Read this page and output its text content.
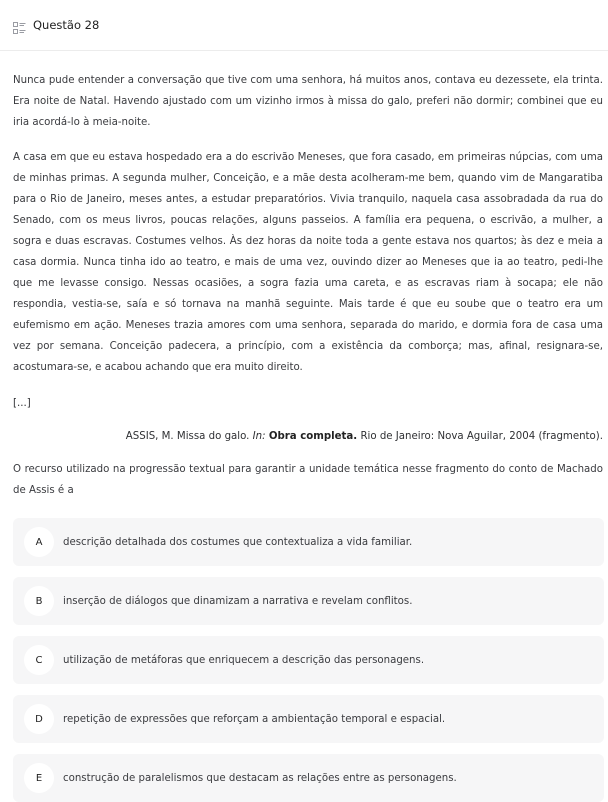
Questão 28

Nunca pude entender a conversação que tive com uma senhora, há muitos anos, contava eu dezessete, ela trinta. Era noite de Natal. Havendo ajustado com um vizinho irmos à missa do galo, preferi não dormir; combinei que eu iria acordá-lo à meia-noite.

A casa em que eu estava hospedado era a do escrivão Meneses, que fora casado, em primeiras núpcias, com uma de minhas primas. A segunda mulher, Conceição, e a mãe desta acolheram-me bem, quando vim de Mangaratiba para o Rio de Janeiro, meses antes, a estudar preparatórios. Vivia tranquilo, naquela casa assobradada da rua do Senado, com os meus livros, poucas relações, alguns passeios. A família era pequena, o escrivão, a mulher, a sogra e duas escravas. Costumes velhos. Às dez horas da noite toda a gente estava nos quartos; às dez e meia a casa dormia. Nunca tinha ido ao teatro, e mais de uma vez, ouvindo dizer ao Meneses que ia ao teatro, pedi-lhe que me levasse consigo. Nessas ocasiões, a sogra fazia uma careta, e as escravas riam à socapa; ele não respondia, vestia-se, saía e só tornava na manhã seguinte. Mais tarde é que eu soube que o teatro era um eufemismo em ação. Meneses trazia amores com uma senhora, separada do marido, e dormia fora de casa uma vez por semana. Conceição padecera, a princípio, com a existência da comborça; mas, afinal, resignara-se, acostumara-se, e acabou achando que era muito direito.

[...]
ASSIS, M. Missa do galo. In: Obra completa. Rio de Janeiro: Nova Aguilar, 2004 (fragmento).

O recurso utilizado na progressão textual para garantir a unidade temática nesse fragmento do conto de Machado de Assis é a

A	descrição detalhada dos costumes que contextualiza a vida familiar.
B	inserção de diálogos que dinamizam a narrativa e revelam conflitos.
C	utilização de metáforas que enriquecem a descrição das personagens.
D	repetição de expressões que reforçam a ambientação temporal e espacial.
E	construção de paralelismos que destacam as relações entre as personagens.
